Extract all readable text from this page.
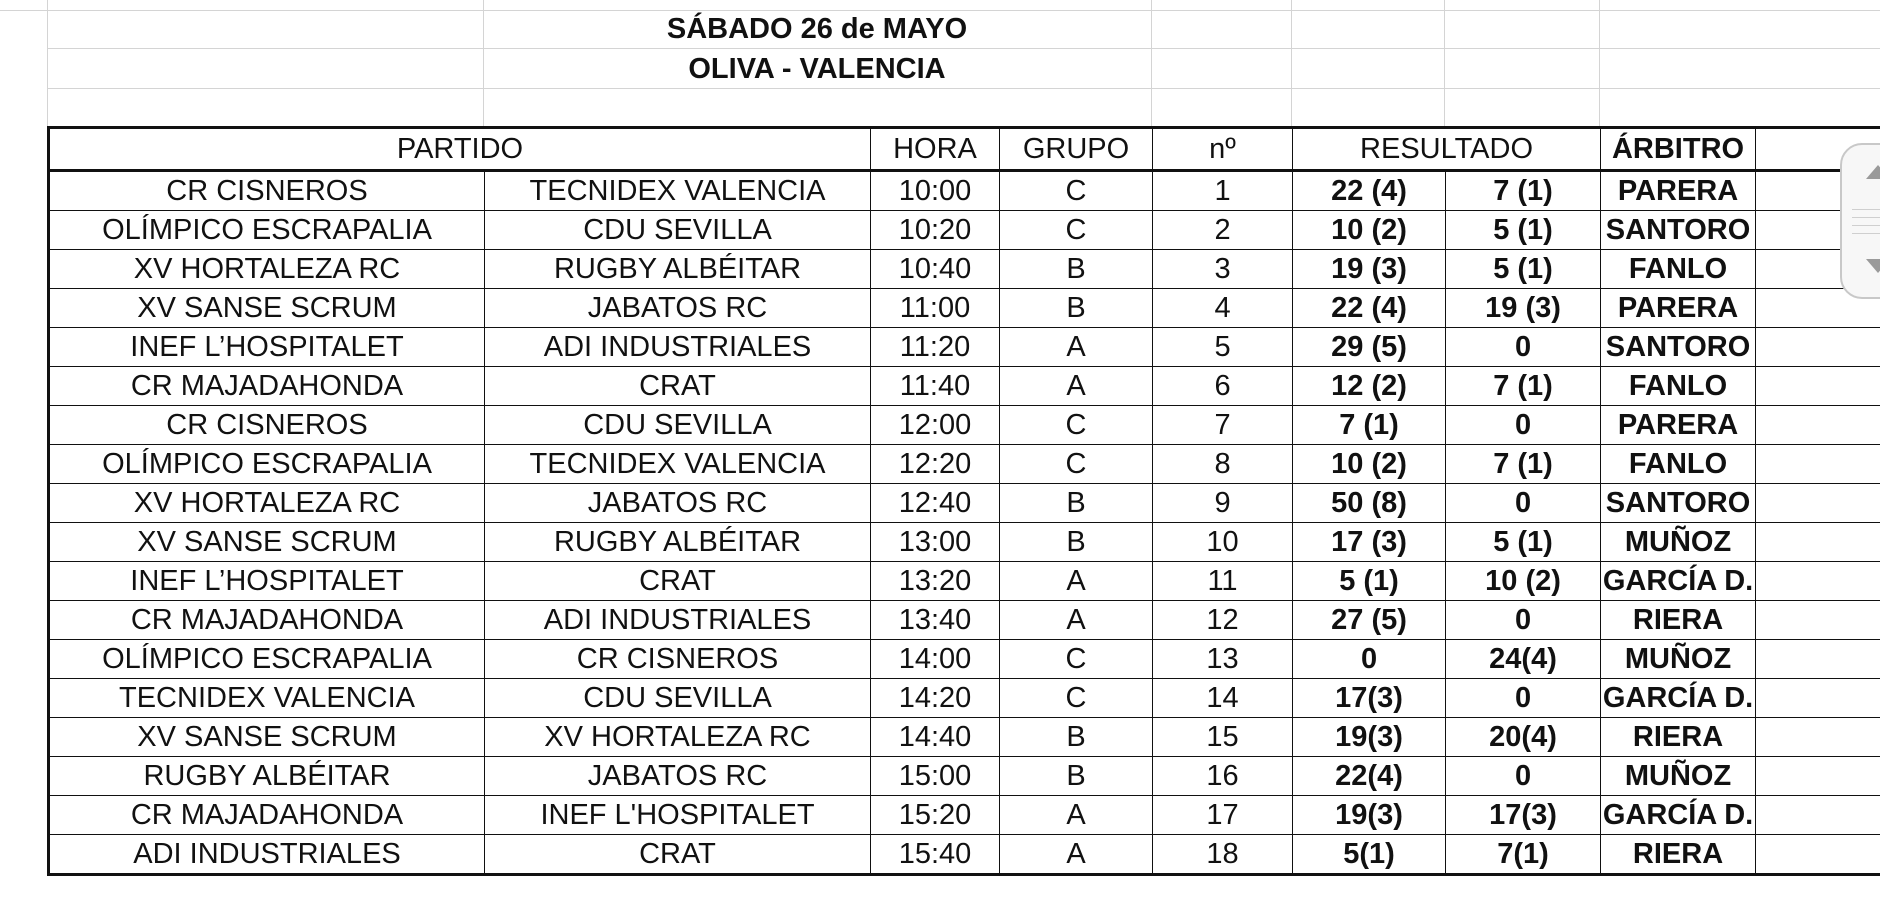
SÁBADO 26 de MAYO
OLIVA - VALENCIA
PARTIDO		HORA	GRUPO	nº	RESULTADO		ÁRBITRO	
CR CISNEROS	TECNIDEX VALENCIA	10:00	C	1	22 (4)	7 (1)	PARERA	
OLÍMPICO ESCRAPALIA	CDU SEVILLA	10:20	C	2	10 (2)	5 (1)	SANTORO	
XV HORTALEZA RC	RUGBY ALBÉITAR	10:40	B	3	19 (3)	5 (1)	FANLO	
XV SANSE SCRUM	JABATOS RC	11:00	B	4	22 (4)	19 (3)	PARERA	
INEF L’HOSPITALET	ADI INDUSTRIALES	11:20	A	5	29 (5)	0	SANTORO	
CR MAJADAHONDA	CRAT	11:40	A	6	12 (2)	7 (1)	FANLO	
CR CISNEROS	CDU SEVILLA	12:00	C	7	7 (1)	0	PARERA	
OLÍMPICO ESCRAPALIA	TECNIDEX VALENCIA	12:20	C	8	10 (2)	7 (1)	FANLO	
XV HORTALEZA RC	JABATOS RC	12:40	B	9	50 (8)	0	SANTORO	
XV SANSE SCRUM	RUGBY ALBÉITAR	13:00	B	10	17 (3)	5 (1)	MUÑOZ	
INEF L’HOSPITALET	CRAT	13:20	A	11	5 (1)	10 (2)	GARCÍA D.	
CR MAJADAHONDA	ADI INDUSTRIALES	13:40	A	12	27 (5)	0	RIERA	
OLÍMPICO ESCRAPALIA	CR CISNEROS	14:00	C	13	0	24(4)	MUÑOZ	
TECNIDEX VALENCIA	CDU SEVILLA	14:20	C	14	17(3)	0	GARCÍA D.	
XV SANSE SCRUM	XV HORTALEZA RC	14:40	B	15	19(3)	20(4)	RIERA	
RUGBY ALBÉITAR	JABATOS RC	15:00	B	16	22(4)	0	MUÑOZ	
CR MAJADAHONDA	INEF L'HOSPITALET	15:20	A	17	19(3)	17(3)	GARCÍA D.	
ADI INDUSTRIALES	CRAT	15:40	A	18	5(1)	7(1)	RIERA	
